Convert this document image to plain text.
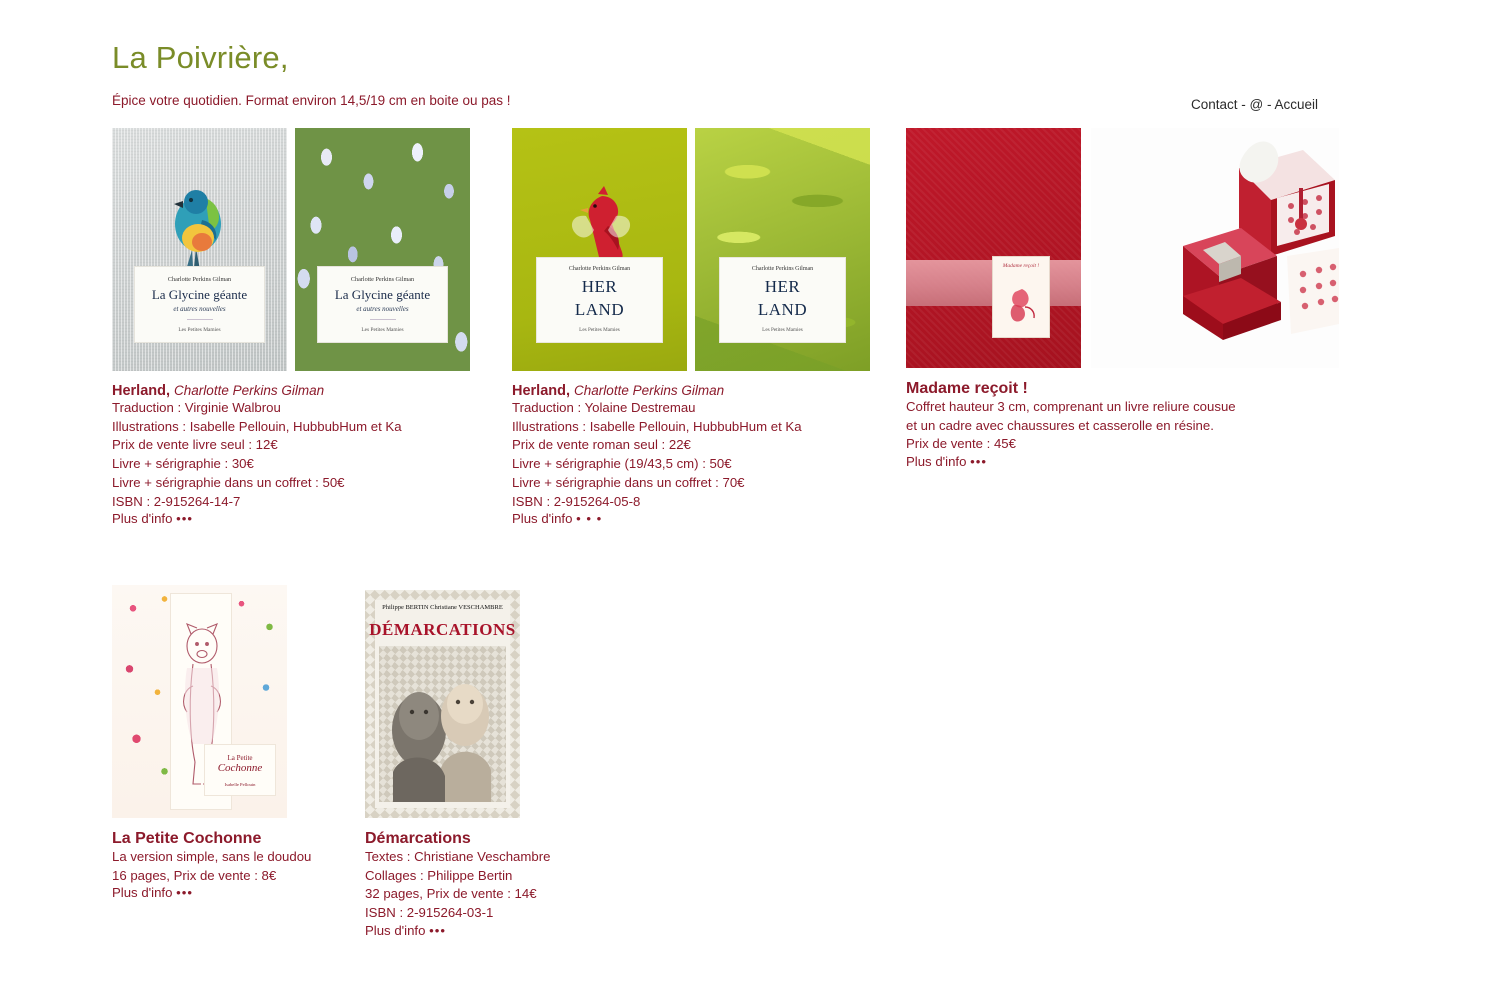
La Poivrière,
Épice votre quotidien. Format environ 14,5/19 cm en boite ou pas !	Contact - @ - Accueil
Charlotte Perkins Gilman
La Glycine géante
et autres nouvelles
Les Petites Mamies
Charlotte Perkins Gilman
La Glycine géante
et autres nouvelles
Les Petites Mamies
Herland, Charlotte Perkins Gilman
Traduction : Virginie Walbrou
Illustrations : Isabelle Pellouin, HubbubHum et Ka
Prix de vente livre seul : 12€
Livre + sérigraphie : 30€
Livre + sérigraphie dans un coffret : 50€
ISBN : 2-915264-14-7
Plus d'info •••
Charlotte Perkins Gilman
HER
LAND
Les Petites Mamies
Charlotte Perkins Gilman
HER
LAND
Les Petites Mamies
Herland, Charlotte Perkins Gilman
Traduction : Yolaine Destremau
Illustrations : Isabelle Pellouin, HubbubHum et Ka
Prix de vente roman seul : 22€
Livre + sérigraphie (19/43,5 cm) : 50€
Livre + sérigraphie dans un coffret : 70€
ISBN : 2-915264-05-8
Plus d'info • • •
Madame reçoit !
Madame reçoit !
Coffret hauteur 3 cm, comprenant un livre reliure cousue
et un cadre avec chaussures et casserolle en résine.
Prix de vente : 45€
Plus d'info •••
La Petite
Cochonne
Isabelle Pellouin
La Petite Cochonne
La version simple, sans le doudou
16 pages, Prix de vente : 8€
Plus d'info •••
Philippe BERTIN Christiane VESCHAMBRE
DÉMARCATIONS
Démarcations
Textes : Christiane Veschambre
Collages : Philippe Bertin
32 pages, Prix de vente : 14€
ISBN : 2-915264-03-1
Plus d'info •••
